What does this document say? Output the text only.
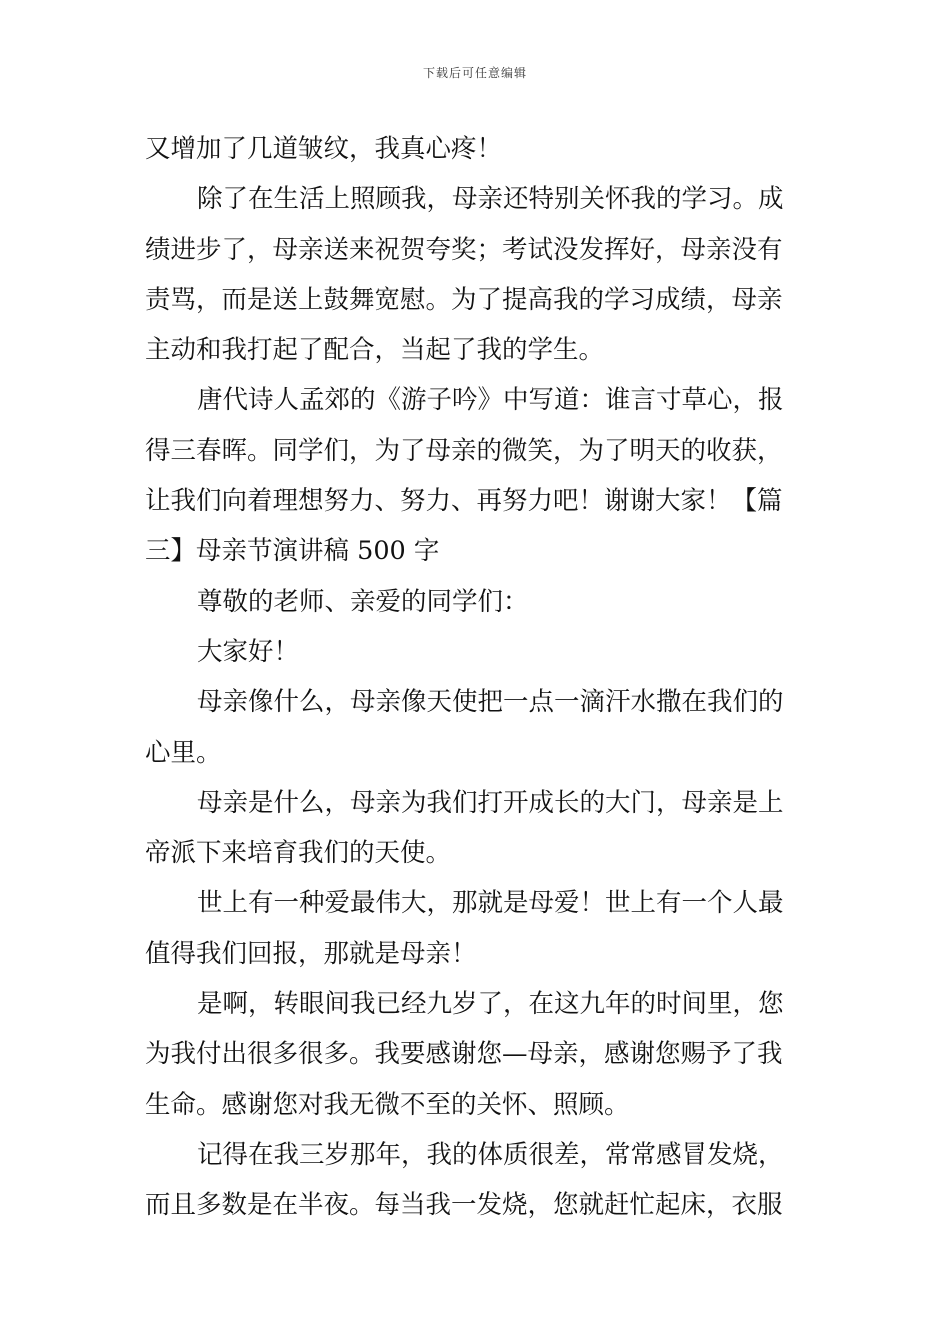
下载后可任意编辑
又增加了几道皱纹，我真心疼！
除了在生活上照顾我，母亲还特别关怀我的学习。成
绩进步了，母亲送来祝贺夸奖；考试没发挥好，母亲没有
责骂，而是送上鼓舞宽慰。为了提高我的学习成绩，母亲
主动和我打起了配合，当起了我的学生。
唐代诗人孟郊的《游子吟》中写道：谁言寸草心，报
得三春晖。同学们，为了母亲的微笑，为了明天的收获，
让我们向着理想努力、努力、再努力吧！谢谢大家！【篇
三】母亲节演讲稿 500 字
尊敬的老师、亲爱的同学们：
大家好！
母亲像什么，母亲像天使把一点一滴汗水撒在我们的
心里。
母亲是什么，母亲为我们打开成长的大门，母亲是上
帝派下来培育我们的天使。
世上有一种爱最伟大，那就是母爱！世上有一个人最
值得我们回报，那就是母亲！
是啊，转眼间我已经九岁了，在这九年的时间里，您
为我付出很多很多。我要感谢您—母亲，感谢您赐予了我
生命。感谢您对我无微不至的关怀、照顾。
记得在我三岁那年，我的体质很差，常常感冒发烧，
而且多数是在半夜。每当我一发烧，您就赶忙起床，衣服
